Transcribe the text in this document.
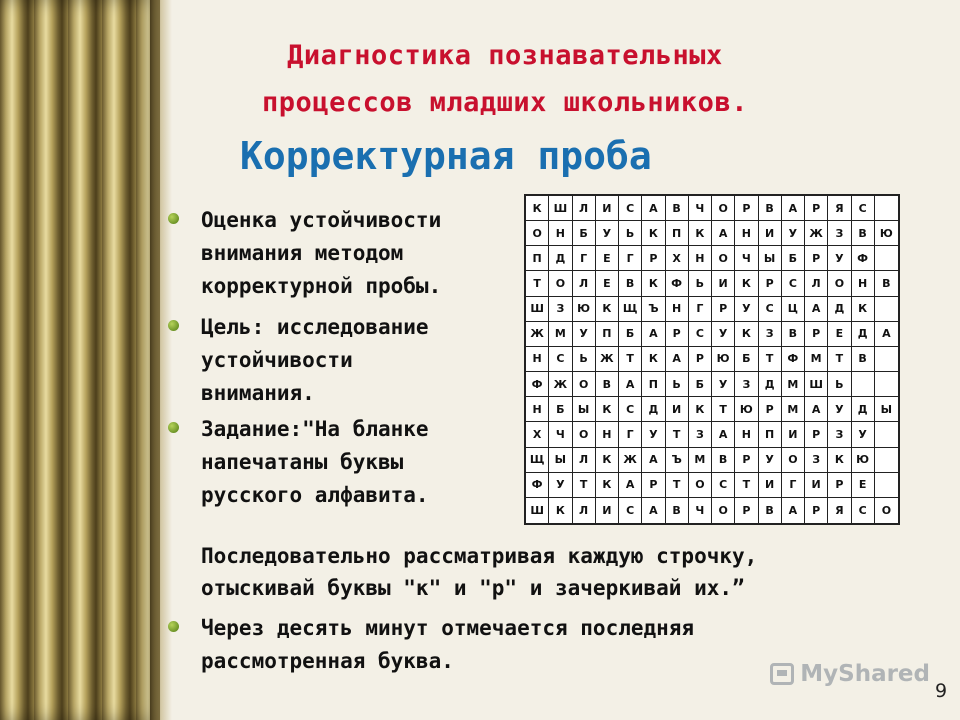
Диагностика познавательных
процессов младших школьников.
Корректурная проба
Оценка устойчивости
внимания методом
корректурной пробы.
Цель: исследование
устойчивости
внимания.
Задание:"На бланке
напечатаны буквы
русского алфавита.
К	Ш	Л	И	С	А	В	Ч	О	Р	В	А	Р	Я	С
О	Н	Б	У	Ь	К	П	К	А	Н	И	У	Ж	З	В	Ю
П	Д	Г	Е	Г	Р	Х	Н	О	Ч	Ы	Б	Р	У	Ф
Т	О	Л	Е	В	К	Ф	Ь	И	К	Р	С	Л	О	Н	В
Ш	З	Ю	К	Щ Ъ	Н	Г	Р	У	С	Ц	А	Д	К
Ж	М	У	П	Б	А	Р	С	У	К	З	В	Р	Е	Д	А
Н	С	Ь	Ж	Т	К	А	Р	Ю	Б	Т	Ф	М	Т	В
Ф	Ж	О	В	А	П	Ь	Б	У	З	Д	М Ш	Ь
Н	Б	Ы	К	С	Д	И	К	Т	Ю	Р	М	А	У	Д	Ы
Х	Ч	О	Н	Г	У	Т	З	А	Н	П	И	Р	З	У
Щ Ы	Л	К	Ж	А	Ъ	М	В	Р	У	О	З	К	Ю
Ф	У	Т	К	А	Р	Т	О	С	Т	И	Г	И	Р	Е
Ш	К	Л	И	С	А	В	Ч	О	Р	В	А	Р	Я	С	О
Последовательно рассматривая каждую строчку,
отыскивай буквы "к" и "р" и зачеркивай их.”
Через десять минут отмечается последняя
рассмотренная буква.	MyShared
9
